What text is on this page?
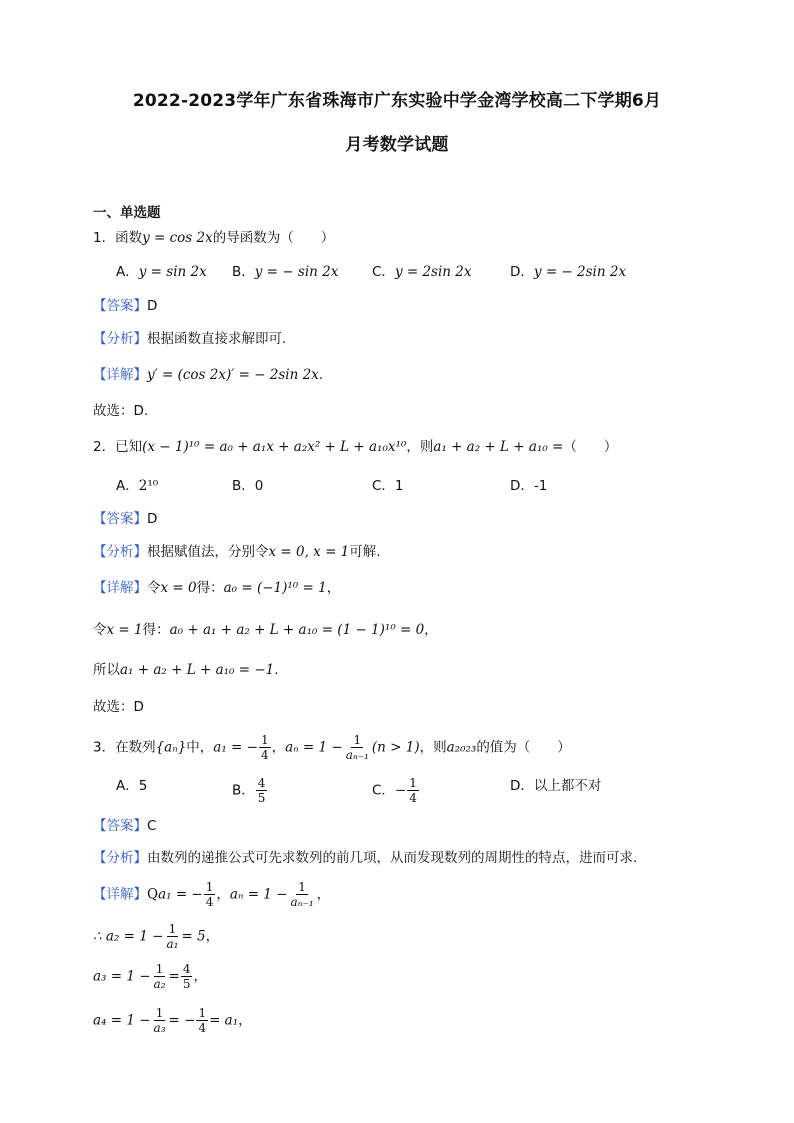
2022-2023学年广东省珠海市广东实验中学金湾学校高二下学期6月
月考数学试题
一、单选题
1．函数y = cos 2x的导函数为（　　）
A．y = sin 2x B．y = − sin 2x C．y = 2sin 2x	D．y = − 2sin 2x
【答案】D
【分析】根据函数直接求解即可.
【详解】y′ = (cos 2x)′ = − 2sin 2x.
故选：D.
2．已知(x − 1)¹⁰ = a₀ + a₁x + a₂x² + L + a₁₀x¹⁰，则a₁ + a₂ + L + a₁₀ =（　　）
A．2¹⁰	B．0	C．1	D．-1
【答案】D
【分析】根据赋值法，分别令x = 0, x = 1可解.
【详解】令x = 0得：a₀ = (−1)¹⁰ = 1，
令x = 1得：a₀ + a₁ + a₂ + L + a₁₀ = (1 − 1)¹⁰ = 0，
所以a₁ + a₂ + L + a₁₀ = −1.
故选：D
3．在数列{aₙ}中，a₁ = − $\frac{1}{4}$ ，$a_n = 1 - \frac{1}{\text{aₙ₋₁}} (n > 1)$，则a₂₀₂₃的值为（　　）
A．5	B． $\frac{4}{5}$	C．− $\frac{1}{4}$	D．以上都不对
【答案】C
【分析】由数列的递推公式可先求数列的前几项，从而发现数列的周期性的特点，进而可求.
【详解】Qa₁ = − $\frac{1}{4}$ ，$a_n = 1 - \frac{1}{\text{aₙ₋₁}}$ ，
∴ $a_2 = 1 - \frac{1}{\text{a₁}} = 5$，
$a_3 = 1 - \frac{1}{\text{a₂}} = \frac{4}{5}$ ，
$a_4 = 1 - \frac{1}{\text{a₃}}$ = − $\frac{1}{4} = a_1$，
